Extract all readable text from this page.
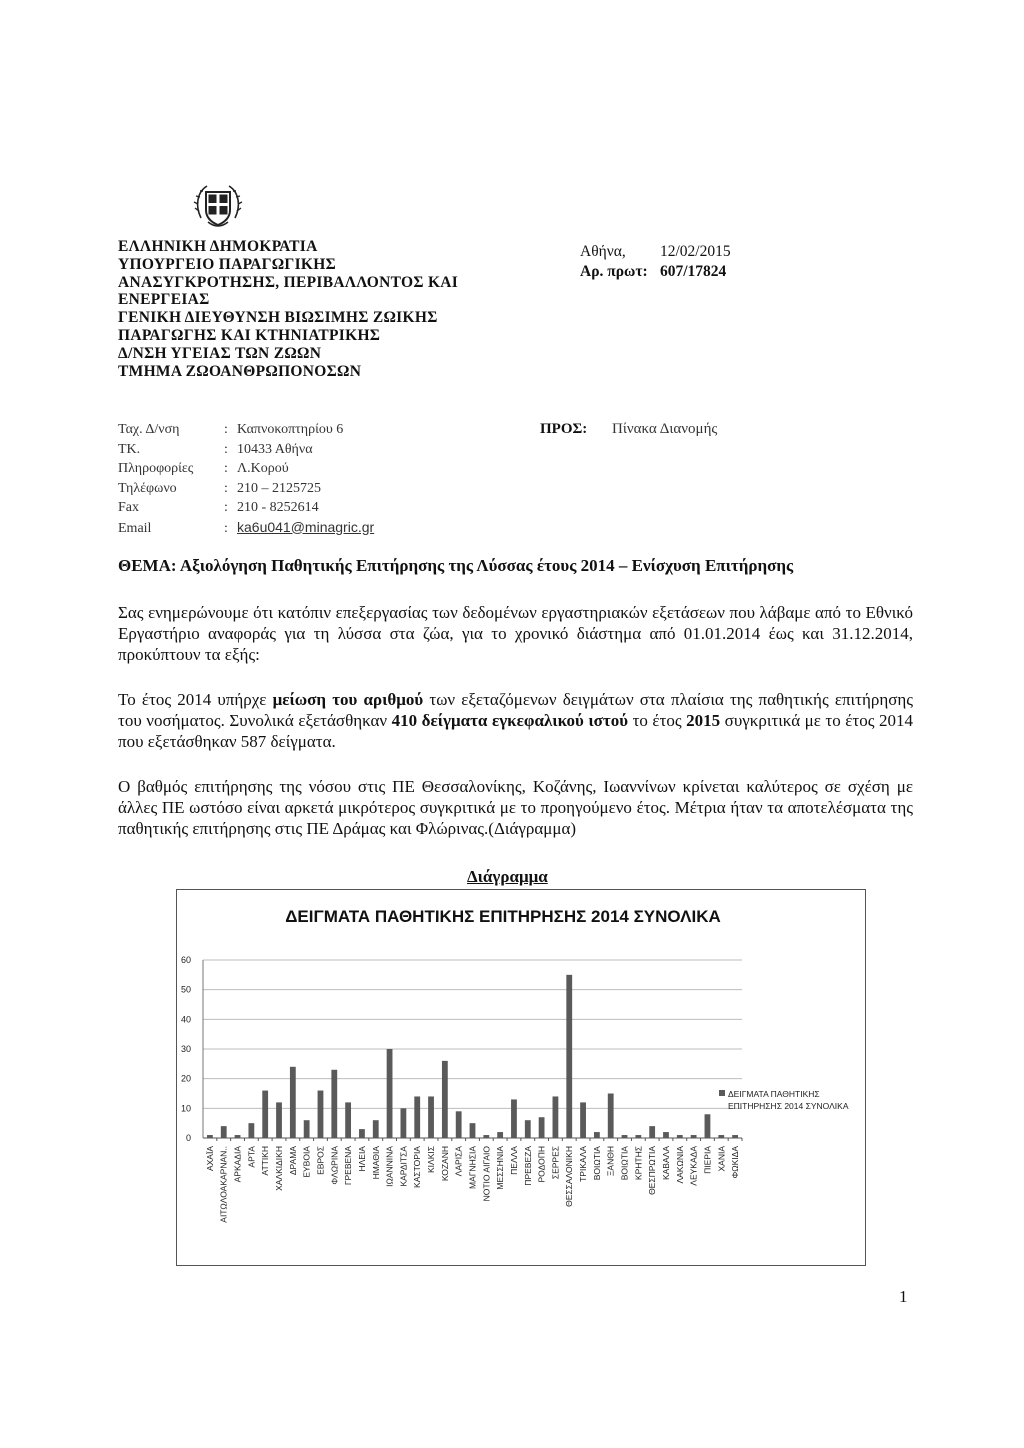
ΕΛΛΗΝΙΚΗ ΔΗΜΟΚΡΑΤΙΑ
ΥΠΟΥΡΓΕΙΟ ΠΑΡΑΓΩΓΙΚΗΣ
ΑΝΑΣΥΓΚΡΟΤΗΣΗΣ, ΠΕΡΙΒΑΛΛΟΝΤΟΣ ΚΑΙ
ΕΝΕΡΓΕΙΑΣ
ΓΕΝΙΚΗ ΔΙΕΥΘΥΝΣΗ ΒΙΩΣΙΜΗΣ ΖΩΙΚΗΣ
ΠΑΡΑΓΩΓΗΣ ΚΑΙ ΚΤΗΝΙΑΤΡΙΚΗΣ
Δ/ΝΣΗ ΥΓΕΙΑΣ ΤΩΝ ΖΩΩΝ
ΤΜΗΜΑ ΖΩΟΑΝΘΡΩΠΟΝΟΣΩΝ
Αθήνα, 12/02/2015
Αρ. πρωτ: 607/17824
Ταχ. Δ/νση	: Καπνοκοπτηρίου 6
ΤΚ.	: 10433 Αθήνα
Πληροφορίες : Λ.Κορού
Τηλέφωνο	: 210 – 2125725
Fax	: 210 - 8252614
Email	: ka6u041@minagric.gr
ΠΡΟΣ: Πίνακα Διανομής
ΘΕΜΑ: Αξιολόγηση Παθητικής Επιτήρησης της Λύσσας έτους 2014 – Ενίσχυση Επιτήρησης
Σας ενημερώνουμε ότι κατόπιν επεξεργασίας των δεδομένων εργαστηριακών εξετάσεων που λάβαμε από το Εθνικό Εργαστήριο αναφοράς για τη λύσσα στα ζώα, για το χρονικό διάστημα από 01.01.2014 έως και 31.12.2014, προκύπτουν τα εξής:
Το έτος 2014 υπήρχε μείωση του αριθμού των εξεταζόμενων δειγμάτων στα πλαίσια της παθητικής επιτήρησης του νοσήματος. Συνολικά εξετάσθηκαν 410 δείγματα εγκεφαλικού ιστού το έτος 2015 συγκριτικά με το έτος 2014 που εξετάσθηκαν 587 δείγματα.
Ο βαθμός επιτήρησης της νόσου στις ΠΕ Θεσσαλονίκης, Κοζάνης, Ιωαννίνων κρίνεται καλύτερος σε σχέση με άλλες ΠΕ ωστόσο είναι αρκετά μικρότερος συγκριτικά με το προηγούμενο έτος. Μέτρια ήταν τα αποτελέσματα της παθητικής επιτήρησης στις ΠΕ Δράμας και Φλώρινας.(Διάγραμμα)
Διάγραμμα
ΔΕΙΓΜΑΤΑ ΠΑΘΗΤΙΚΗΣ ΕΠΙΤΗΡΗΣΗΣ 2014 ΣΥΝΟΛΙΚΑ
0
10
20
30
40
50
60
ΑΧΑΪΑ ΑΙΤΩΛΟΑΚΑΡΝΑΝ.. ΑΡΚΑΔΙΑ ΑΡΤΑ ΑΤΤΙΚΗ ΧΑΛΚΙΔΙΚΗ ΔΡΑΜΑ ΕΥΒΟΙΑ ΕΒΡΟΣ ΦΛΩΡΙΝΑ ΓΡΕΒΕΝΑ ΗΛΕΙΑ ΗΜΑΘΙΑ ΙΩΑΝΝΙΝΑ ΚΑΡΔΙΤΣΑ ΚΑΣΤΟΡΙΑ ΚΙΛΚΙΣ ΚΟΖΑΝΗ ΛΑΡΙΣΑ ΜΑΓΝΗΣΙΑ ΝΟΤΙΟ ΑΙΓΑΙΟ ΜΕΣΣΗΝΙΑ ΠΕΛΛΑ ΠΡΕΒΕΖΑ ΡΟΔΟΠΗ ΣΕΡΡΕΣ ΘΕΣΣΑΛΟΝΙΚΗ ΤΡΙΚΑΛΑ ΒΟΙΩΤΙΑ ΞΑΝΘΗ ΒΟΙΩΤΙΑ ΚΡΗΤΗΣ ΘΕΣΠΡΩΤΙΑ ΚΑΒΑΛΑ ΛΑΚΩΝΙΑ ΛΕΥΚΑΔΑ ΠΙΕΡΙΑ ΧΑΝΙΑ ΦΩΚΙΔΑ
ΔΕΙΓΜΑΤΑ ΠΑΘΗΤΙΚΗΣ
ΕΠΙΤΗΡΗΣΗΣ 2014 ΣΥΝΟΛΙΚΑ
1
